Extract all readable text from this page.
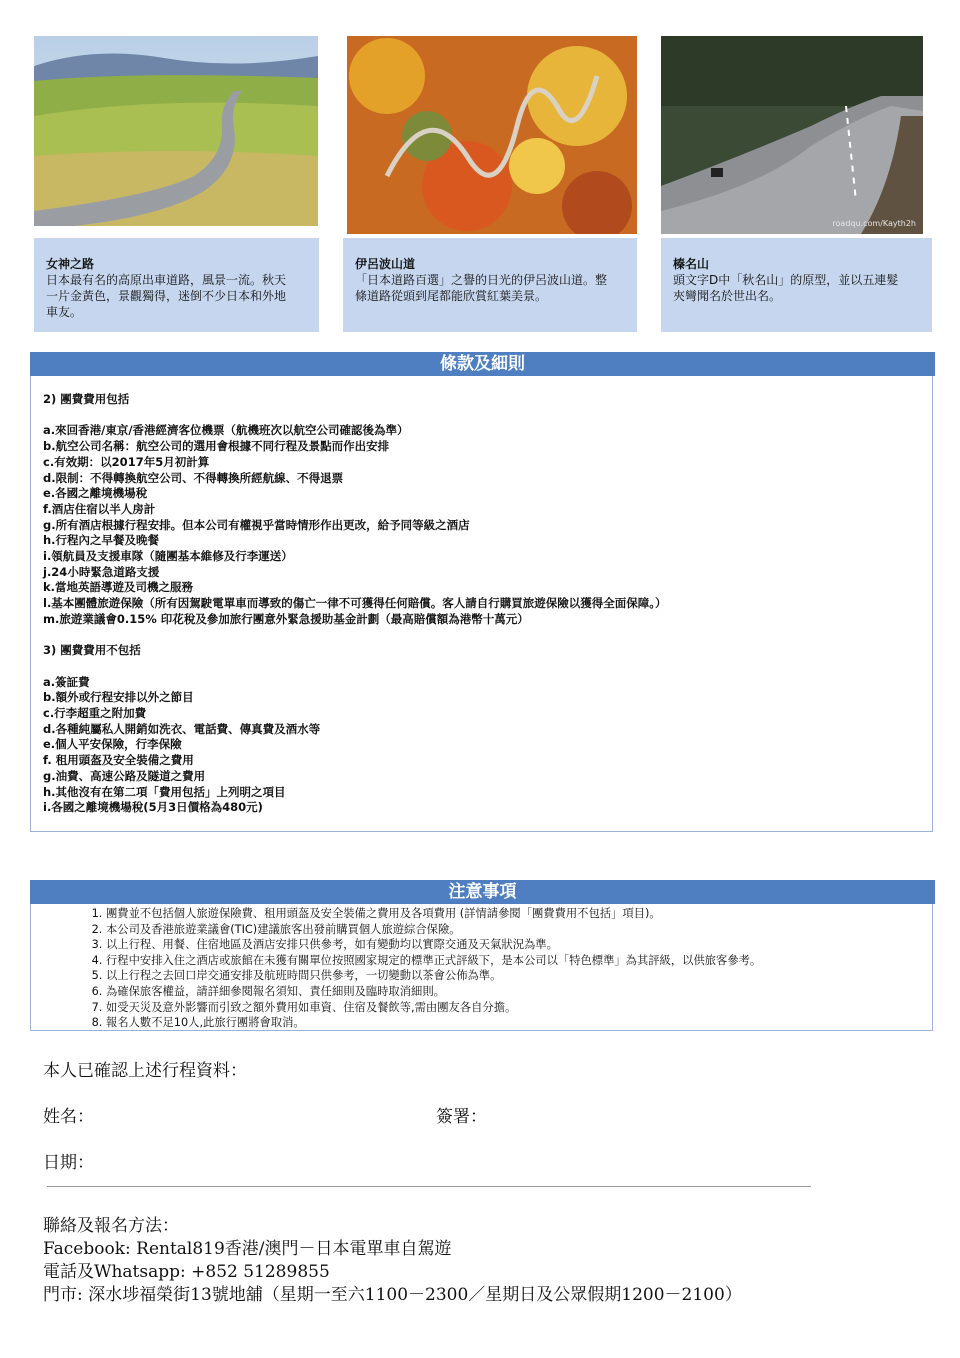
roadqu.com/Kayth2h
女神之路
日本最有名的高原出車道路，風景一流。秋天
一片金黃色，景觀獨得，迷倒不少日本和外地
車友。
伊呂波山道
「日本道路百選」之譽的日光的伊呂波山道。整
條道路從頭到尾都能欣賞紅葉美景。
榛名山
頭文字D中「秋名山」的原型，並以五連髮
夾彎聞名於世出名。
條款及細則
2) 團費費用包括
a.來回香港/東京/香港經濟客位機票（航機班次以航空公司確認後為準）
b.航空公司名稱：航空公司的選用會根據不同行程及景點而作出安排
c.有效期：以2017年5月初計算
d.限制：不得轉換航空公司、不得轉換所經航線、不得退票
e.各國之離境機場稅
f.酒店住宿以半人房計
g.所有酒店根據行程安排。但本公司有權視乎當時情形作出更改，給予同等級之酒店
h.行程內之早餐及晚餐
i.領航員及支援車隊（隨團基本維修及行李運送）
j.24小時緊急道路支援
k.當地英語導遊及司機之服務
l.基本團體旅遊保險（所有因駕駛電單車而導致的傷亡一律不可獲得任何賠償。客人請自行購買旅遊保險以獲得全面保障。）
m.旅遊業議會0.15% 印花稅及參加旅行團意外緊急援助基金計劃（最高賠償額為港幣十萬元）
3) 團費費用不包括
a.簽証費
b.額外或行程安排以外之節目
c.行李超重之附加費
d.各種純屬私人開銷如洗衣、電話費、傳真費及酒水等
e.個人平安保險，行李保險
f. 租用頭盔及安全裝備之費用
g.油費、高速公路及隧道之費用
h.其他沒有在第二項「費用包括」上列明之項目
i.各國之離境機場稅(5月3日價格為480元)
注意事項
1. 團費並不包括個人旅遊保險費、租用頭盔及安全裝備之費用及各項費用 (詳情請參閱「團費費用不包括」項目)。
2. 本公司及香港旅遊業議會(TIC)建議旅客出發前購買個人旅遊綜合保險。
3. 以上行程、用餐、住宿地區及酒店安排只供參考，如有變動均以實際交通及天氣狀況為準。
4. 行程中安排入住之酒店或旅館在未獲有關單位按照國家規定的標準正式評級下，是本公司以「特色標準」為其評級，以供旅客參考。
5. 以上行程之去回口岸交通安排及航班時間只供參考，一切變動以茶會公佈為準。
6. 為確保旅客權益，請詳細參閱報名須知、責任細則及臨時取消細則。
7. 如受天災及意外影響而引致之額外費用如車資、住宿及餐飲等,需由團友各自分擔。
8. 報名人數不足10人,此旅行團將會取消。
本人已確認上述行程資料：
姓名：	簽署：
日期：
聯絡及報名方法：
Facebook: Rental819香港/澳門－日本電單車自駕遊
電話及Whatsapp: +852 51289855
門市: 深水埗福榮街13號地舖（星期一至六1100－2300／星期日及公眾假期1200－2100）
